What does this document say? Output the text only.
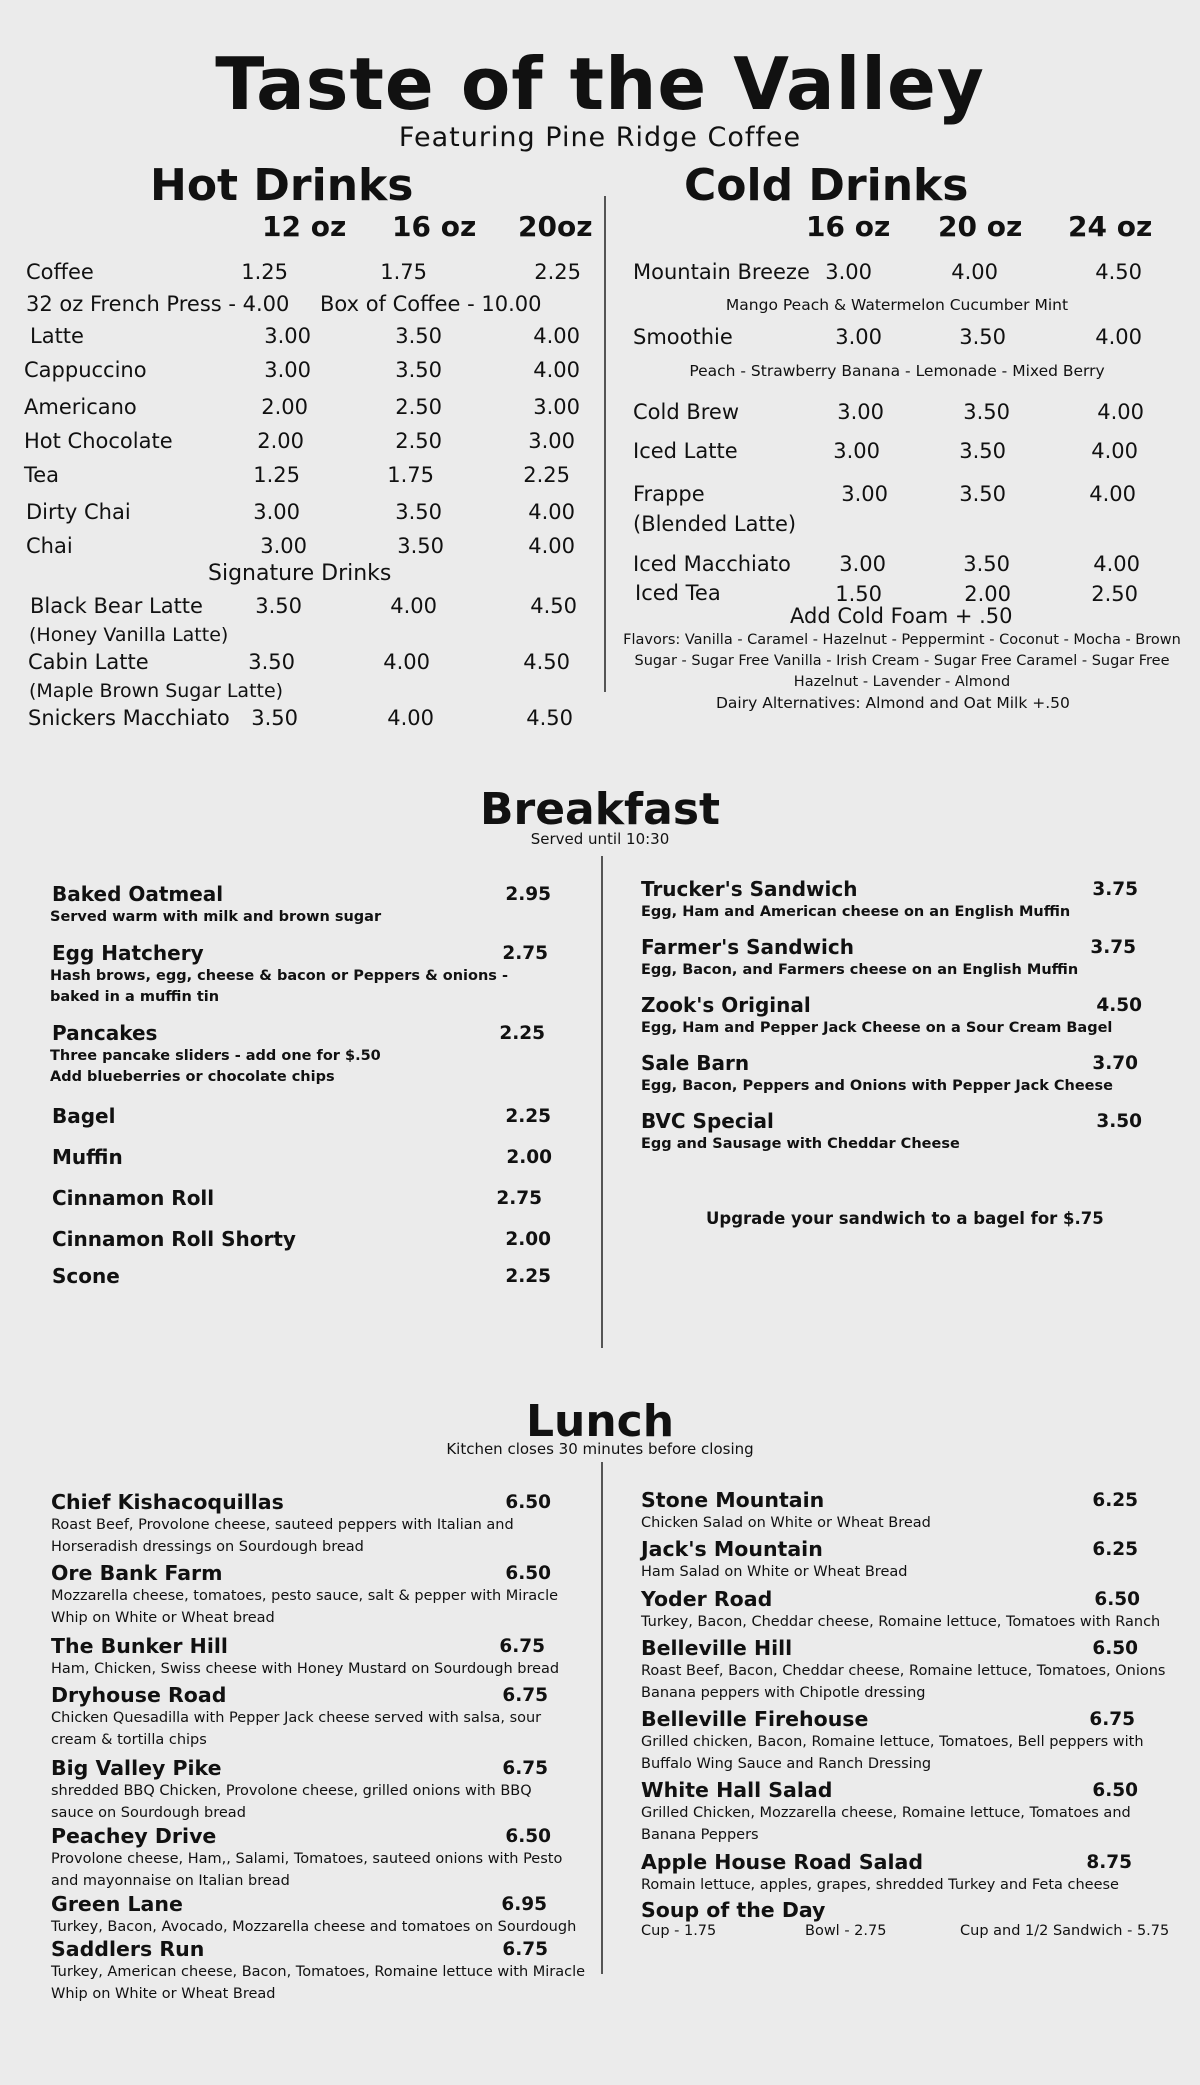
Taste of the Valley
Featuring Pine Ridge Coffee
Hot Drinks
12 oz 16 oz 20oz
Coffee	1.25	1.75	2.25
Latte	3.00	3.50	4.00
Cappuccino	3.00	3.50	4.00
Americano	2.00	2.50	3.00
Hot Chocolate	2.00	2.50	3.00
Tea	1.25	1.75	2.25
Dirty Chai	3.00	3.50	4.00
Chai	3.00	3.50	4.00
Black Bear Latte	3.50	4.00	4.50
(Honey Vanilla Latte)
Cabin Latte	3.50	4.00	4.50
(Maple Brown Sugar Latte)
Snickers Macchiato	3.50	4.00	4.50
32 oz French Press - 4.00 Box of Coffee - 10.00
Signature Drinks
Cold Drinks
16 oz 20 oz 24 oz
Mountain Breeze 3.00	4.00	4.50
Mango Peach & Watermelon Cucumber Mint
Smoothie	3.00	3.50	4.00
Peach - Strawberry Banana - Lemonade - Mixed Berry
Cold Brew	3.00	3.50	4.00
Iced Latte	3.00	3.50	4.00
Frappe	3.00	3.50	4.00
(Blended Latte)
Iced Macchiato	3.00	3.50	4.00
Iced Tea	1.50	2.00	2.50
Add Cold Foam + .50
Flavors: Vanilla - Caramel - Hazelnut - Peppermint - Coconut - Mocha - Brown
Sugar - Sugar Free Vanilla - Irish Cream - Sugar Free Caramel - Sugar Free
Hazelnut - Lavender - Almond
Dairy Alternatives: Almond and Oat Milk +.50
Breakfast
Served until 10:30
Baked Oatmeal	2.95
Served warm with milk and brown sugar
Egg Hatchery	2.75
Hash brows, egg, cheese & bacon or Peppers & onions -
baked in a muffin tin
Pancakes	2.25
Three pancake sliders - add one for $.50
Add blueberries or chocolate chips
Bagel	2.25
Muffin	2.00
Cinnamon Roll	2.75
Cinnamon Roll Shorty	2.00
Scone	2.25
Trucker's Sandwich	3.75
Egg, Ham and American cheese on an English Muffin
Farmer's Sandwich	3.75
Egg, Bacon, and Farmers cheese on an English Muffin
Zook's Original	4.50
Egg, Ham and Pepper Jack Cheese on a Sour Cream Bagel
Sale Barn	3.70
Egg, Bacon, Peppers and Onions with Pepper Jack Cheese
BVC Special	3.50
Egg and Sausage with Cheddar Cheese
Upgrade your sandwich to a bagel for $.75
Lunch
Kitchen closes 30 minutes before closing
Chief Kishacoquillas	6.50
Roast Beef, Provolone cheese, sauteed peppers with Italian and
Horseradish dressings on Sourdough bread
Ore Bank Farm	6.50
Mozzarella cheese, tomatoes, pesto sauce, salt & pepper with Miracle
Whip on White or Wheat bread
The Bunker Hill	6.75
Ham, Chicken, Swiss cheese with Honey Mustard on Sourdough bread
Dryhouse Road	6.75
Chicken Quesadilla with Pepper Jack cheese served with salsa, sour
cream & tortilla chips
Big Valley Pike	6.75
shredded BBQ Chicken, Provolone cheese, grilled onions with BBQ
sauce on Sourdough bread
Peachey Drive	6.50
Provolone cheese, Ham,, Salami, Tomatoes, sauteed onions with Pesto
and mayonnaise on Italian bread
Green Lane	6.95
Turkey, Bacon, Avocado, Mozzarella cheese and tomatoes on Sourdough
Saddlers Run	6.75
Turkey, American cheese, Bacon, Tomatoes, Romaine lettuce with Miracle
Whip on White or Wheat Bread
Stone Mountain	6.25
Chicken Salad on White or Wheat Bread
Jack's Mountain	6.25
Ham Salad on White or Wheat Bread
Yoder Road	6.50
Turkey, Bacon, Cheddar cheese, Romaine lettuce, Tomatoes with Ranch
Belleville Hill	6.50
Roast Beef, Bacon, Cheddar cheese, Romaine lettuce, Tomatoes, Onions
Banana peppers with Chipotle dressing
Belleville Firehouse	6.75
Grilled chicken, Bacon, Romaine lettuce, Tomatoes, Bell peppers with
Buffalo Wing Sauce and Ranch Dressing
White Hall Salad	6.50
Grilled Chicken, Mozzarella cheese, Romaine lettuce, Tomatoes and
Banana Peppers
Apple House Road Salad	8.75
Romain lettuce, apples, grapes, shredded Turkey and Feta cheese
Soup of the Day
Cup - 1.75	Bowl - 2.75	Cup and 1/2 Sandwich - 5.75
